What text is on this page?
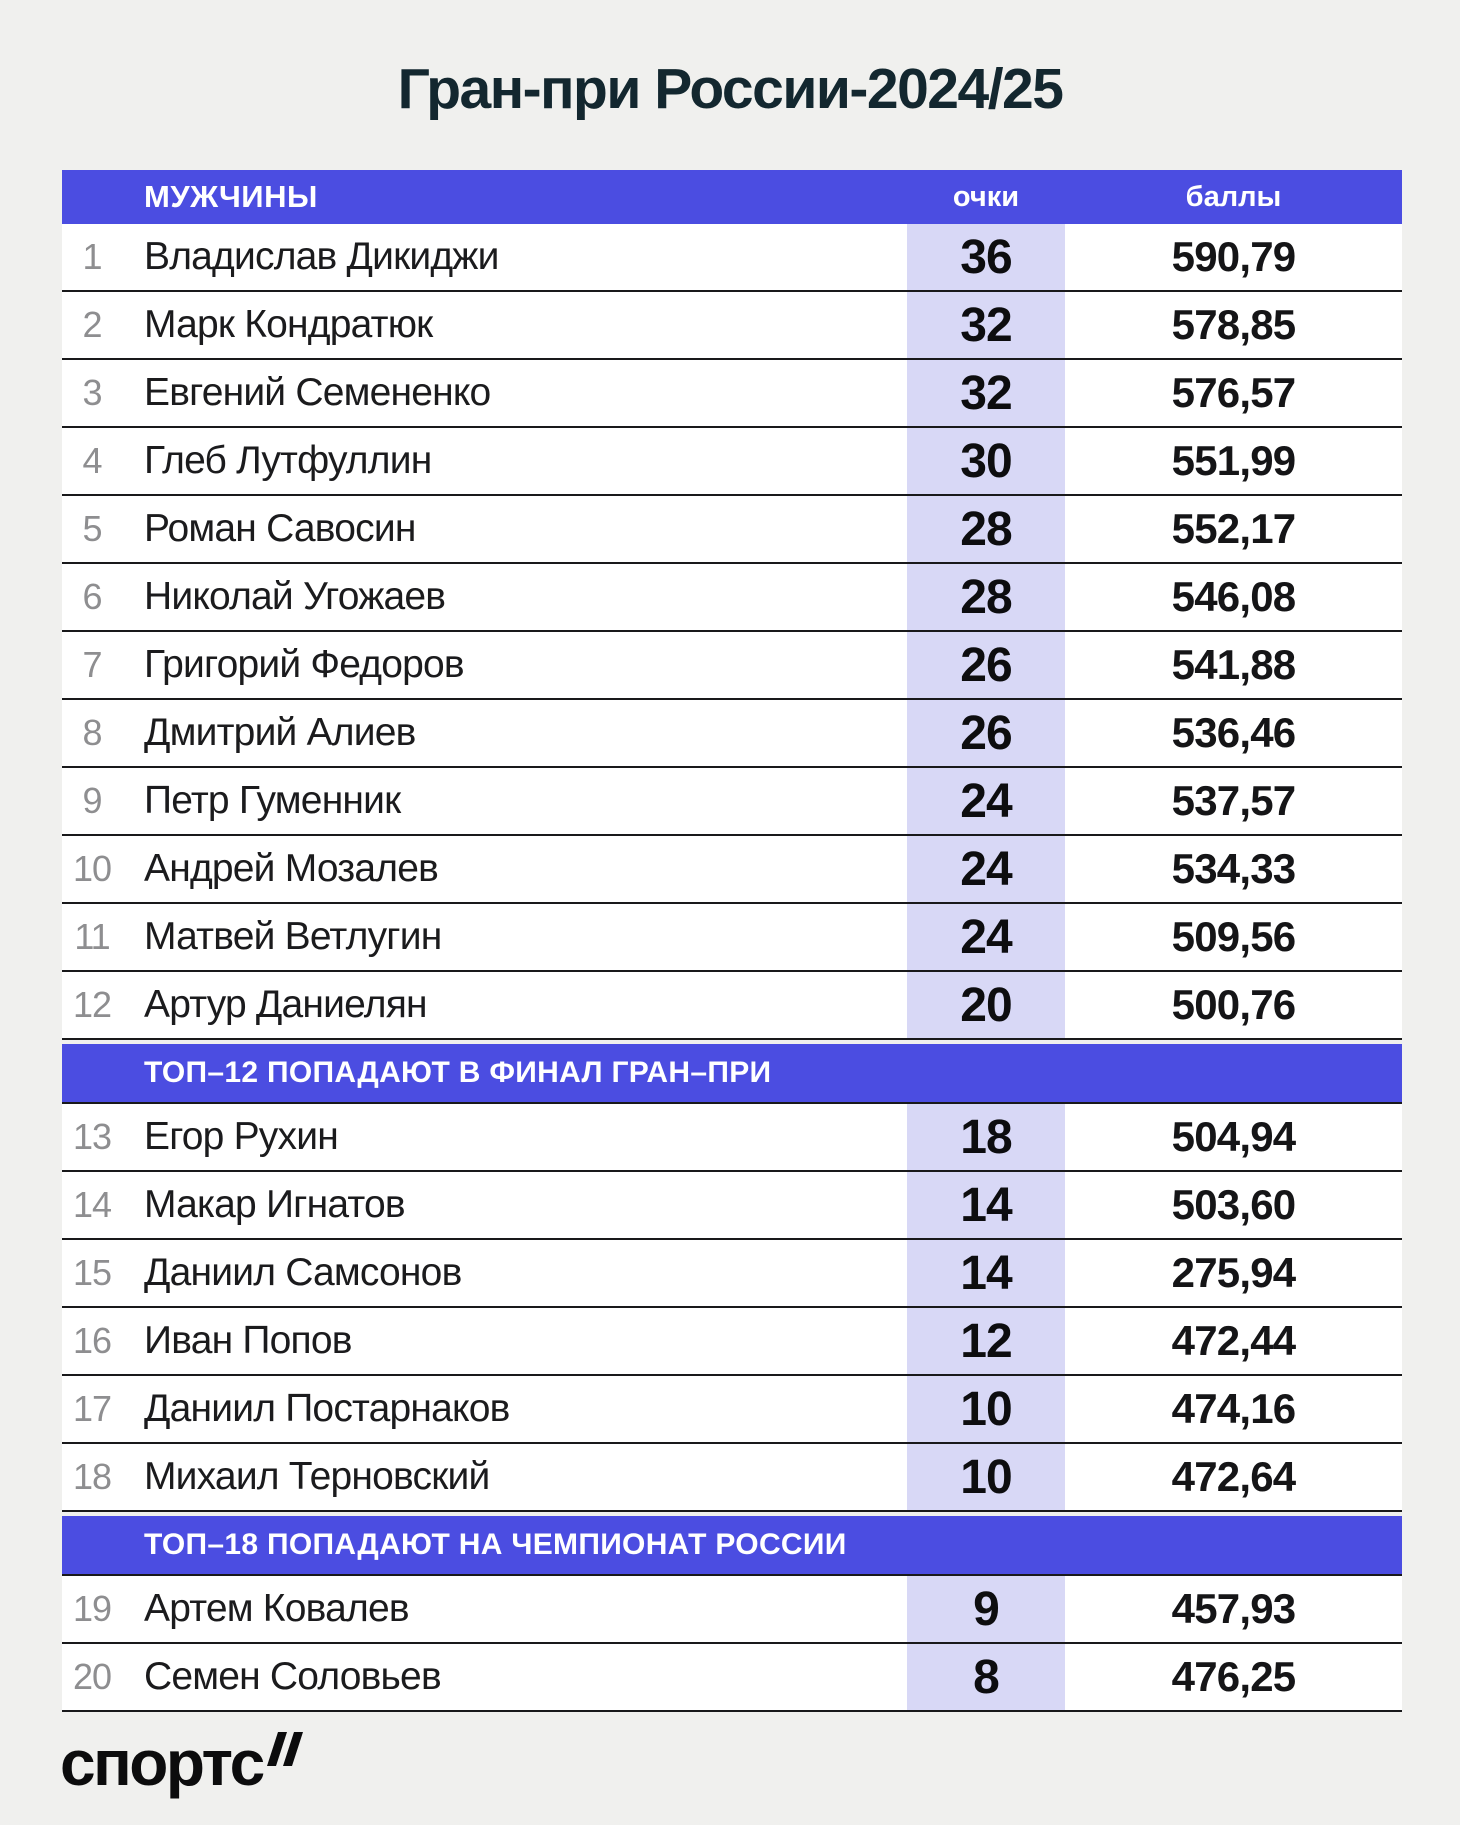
Гран-при России-2024/25
МУЖЧИНЫ	очки	баллы
1	Владислав Дикиджи	36	590,79
2	Марк Кондратюк	32	578,85
3	Евгений Семененко	32	576,57
4	Глеб Лутфуллин	30	551,99
5	Роман Савосин	28	552,17
6	Николай Угожаев	28	546,08
7	Григорий Федоров	26	541,88
8	Дмитрий Алиев	26	536,46
9	Петр Гуменник	24	537,57
10 Андрей Мозалев	24	534,33
11 Матвей Ветлугин	24	509,56
12 Артур Даниелян	20	500,76
ТОП–12 ПОПАДАЮТ В ФИНАЛ ГРАН–ПРИ
13 Егор Рухин	18	504,94
14 Макар Игнатов	14	503,60
15 Даниил Самсонов	14	275,94
16 Иван Попов	12	472,44
17 Даниил Постарнаков	10	474,16
18 Михаил Терновский	10	472,64
ТОП–18 ПОПАДАЮТ НА ЧЕМПИОНАТ РОССИИ
19 Артем Ковалев	9	457,93
20 Семен Соловьев	8	476,25
спортс
